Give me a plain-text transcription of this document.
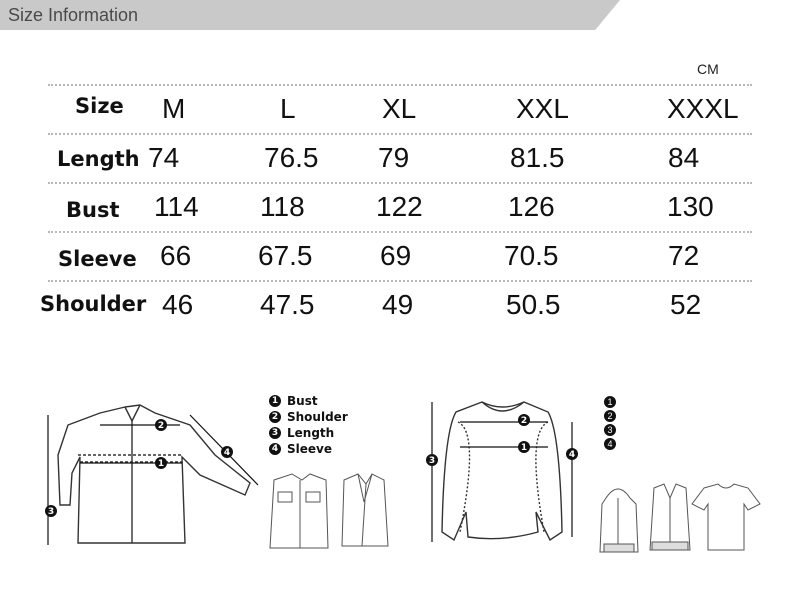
Size Information
CM
Size M	L	XL	XXL	XXXL
Length 74	76.5 79	81.5	84
Bust 114 118	122	126	130
Sleeve 66 67.5 69	70.5	72
Shoulder 46 47.5 49	50.5	52
2
1
4
3
1 Bust
2 Shoulder
3 Length
4 Sleeve
2
1
3
4
1
2
3
4
